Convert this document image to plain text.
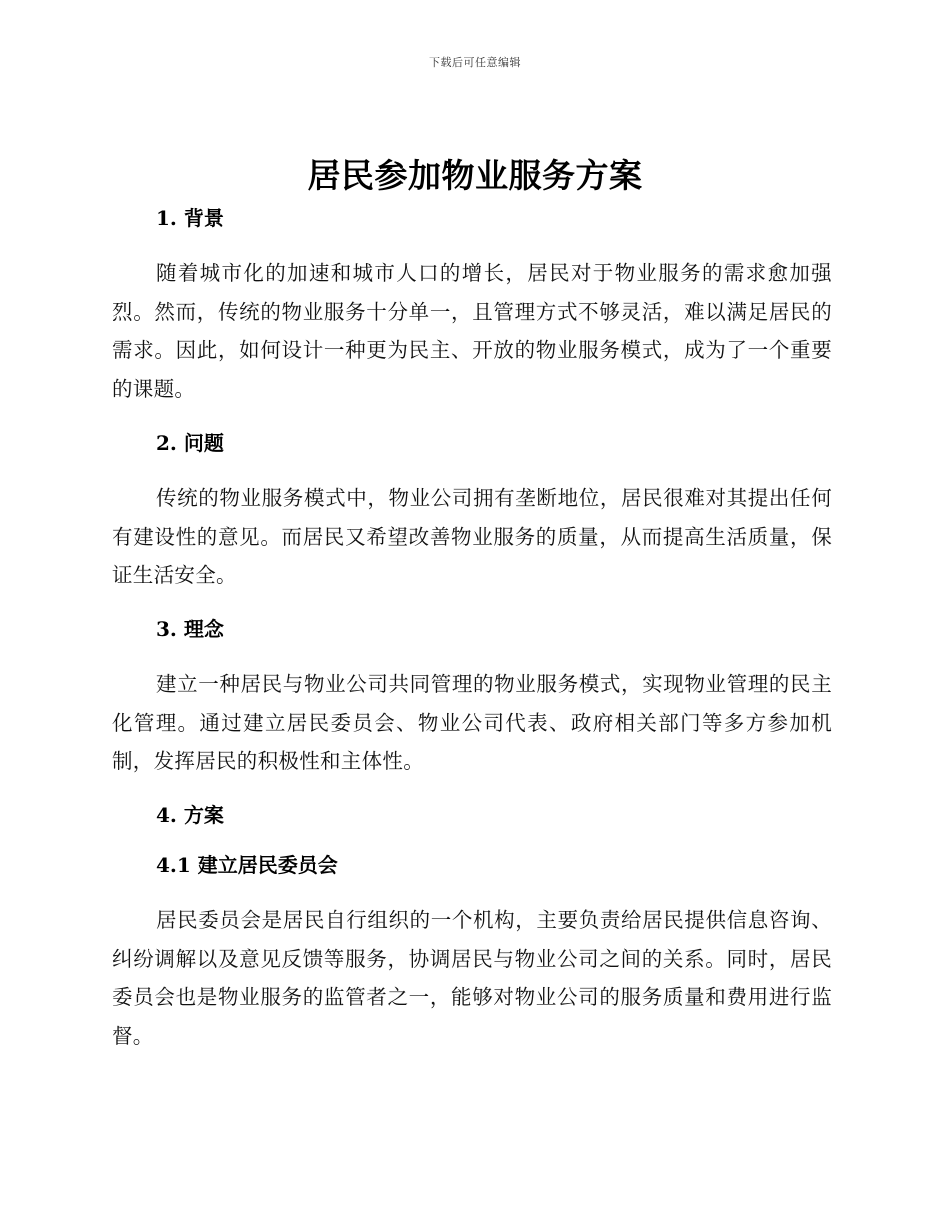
下载后可任意编辑
居民参加物业服务方案
1. 背景

随着城市化的加速和城市人口的增长，居民对于物业服务的需求愈加强烈。然而，传统的物业服务十分单一，且管理方式不够灵活，难以满足居民的需求。因此，如何设计一种更为民主、开放的物业服务模式，成为了一个重要的课题。

2. 问题

传统的物业服务模式中，物业公司拥有垄断地位，居民很难对其提出任何有建设性的意见。而居民又希望改善物业服务的质量，从而提高生活质量，保证生活安全。

3. 理念

建立一种居民与物业公司共同管理的物业服务模式，实现物业管理的民主化管理。通过建立居民委员会、物业公司代表、政府相关部门等多方参加机制，发挥居民的积极性和主体性。

4. 方案
4.1 建立居民委员会

居民委员会是居民自行组织的一个机构，主要负责给居民提供信息咨询、纠纷调解以及意见反馈等服务，协调居民与物业公司之间的关系。同时，居民委员会也是物业服务的监管者之一，能够对物业公司的服务质量和费用进行监督。
